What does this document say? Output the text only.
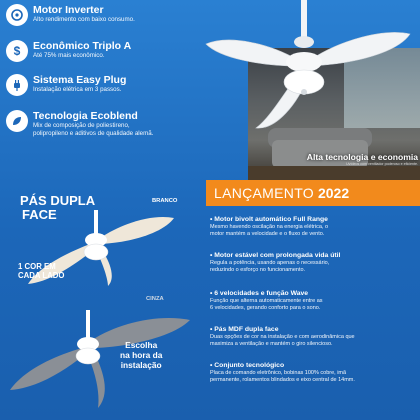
Motor Inverter
Alto rendimento com baixo consumo.
$	Econômico Triplo A
Até 75% mais econômico.
Sistema Easy Plug
Instalação elétrica em 3 passos.
Tecnologia Ecoblend
Mix de composição de poliestireno,
polipropileno e aditivos de qualidade alemã.
Alta tecnologia e economia
Uvídeos com ventilador poderoso e eficiente.
LANÇAMENTO 2022
• Motor bivolt automático Full Range
Mesmo havendo oscilação na energia elétrica, o
motor mantém a velocidade e o fluxo de vento.
• Motor estável com prolongada vida útil
Regula a potência, usando apenas o necessário,
reduzindo o esforço no funcionamento.
• 6 velocidades e função Wave
Função que alterna automaticamente entre as
6 velocidades, gerando conforto para o sono.
• Pás MDF dupla face
Duas opções de cor na instalação e com aerodinâmica que
maximiza a ventilação e mantém o giro silencioso.
• Conjunto tecnológico
Placa de comando eletrônico, bobinas 100% cobre, imã
permanente, rolamentos blindados e eixo central de 14mm.
PÁS DUPLA
FACE
BRANCO
1 COR EM
CADA LADO
CINZA
Escolha
na hora da
instalação
